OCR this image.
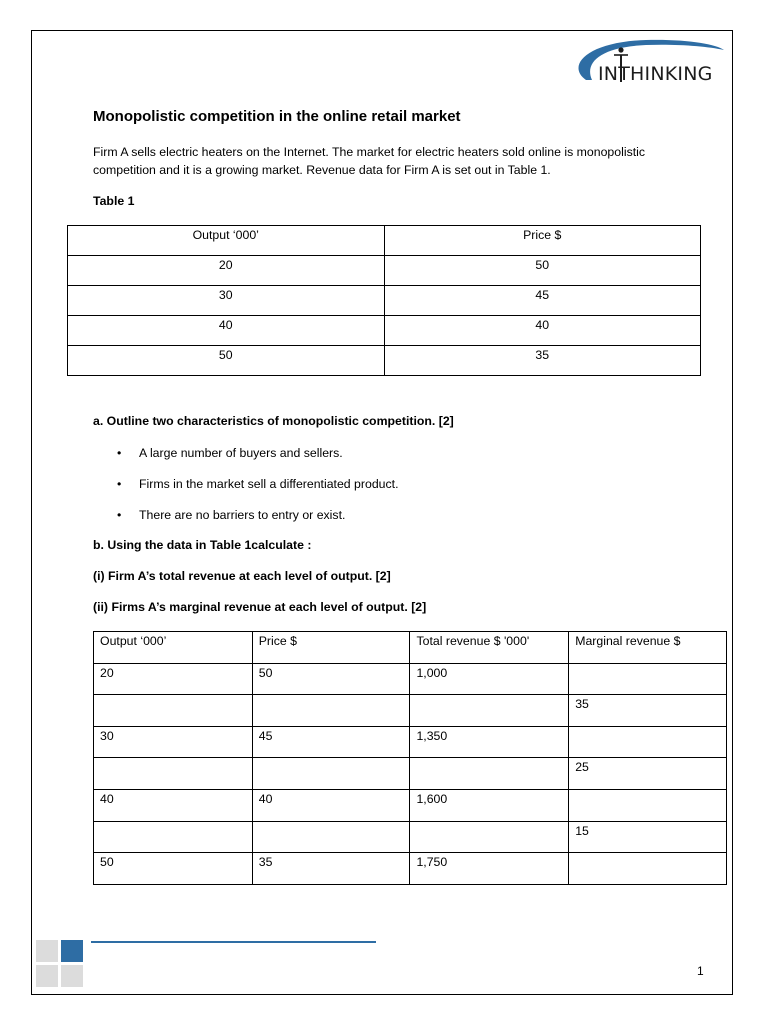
INTHINKING
Monopolistic competition in the online retail market

Firm A sells electric heaters on the Internet. The market for electric heaters sold online is monopolistic competition and it is a growing market. Revenue data for Firm A is set out in Table 1.

Table 1

Output ‘000’	Price $
20	50
30	45
40	40
50	35

a. Outline two characteristics of monopolistic competition. [2]

• A large number of buyers and sellers.
• Firms in the market sell a differentiated product.
• There are no barriers to entry or exist.

b. Using the data in Table 1calculate :

(i) Firm A’s total revenue at each level of output. [2]

(ii) Firms A’s marginal revenue at each level of output. [2]

Output ‘000’	Price $	Total revenue $ '000'	Marginal revenue $
20	50	1,000	
			35
30	45	1,350	
			25
40	40	1,600	
			15
50	35	1,750	
1
